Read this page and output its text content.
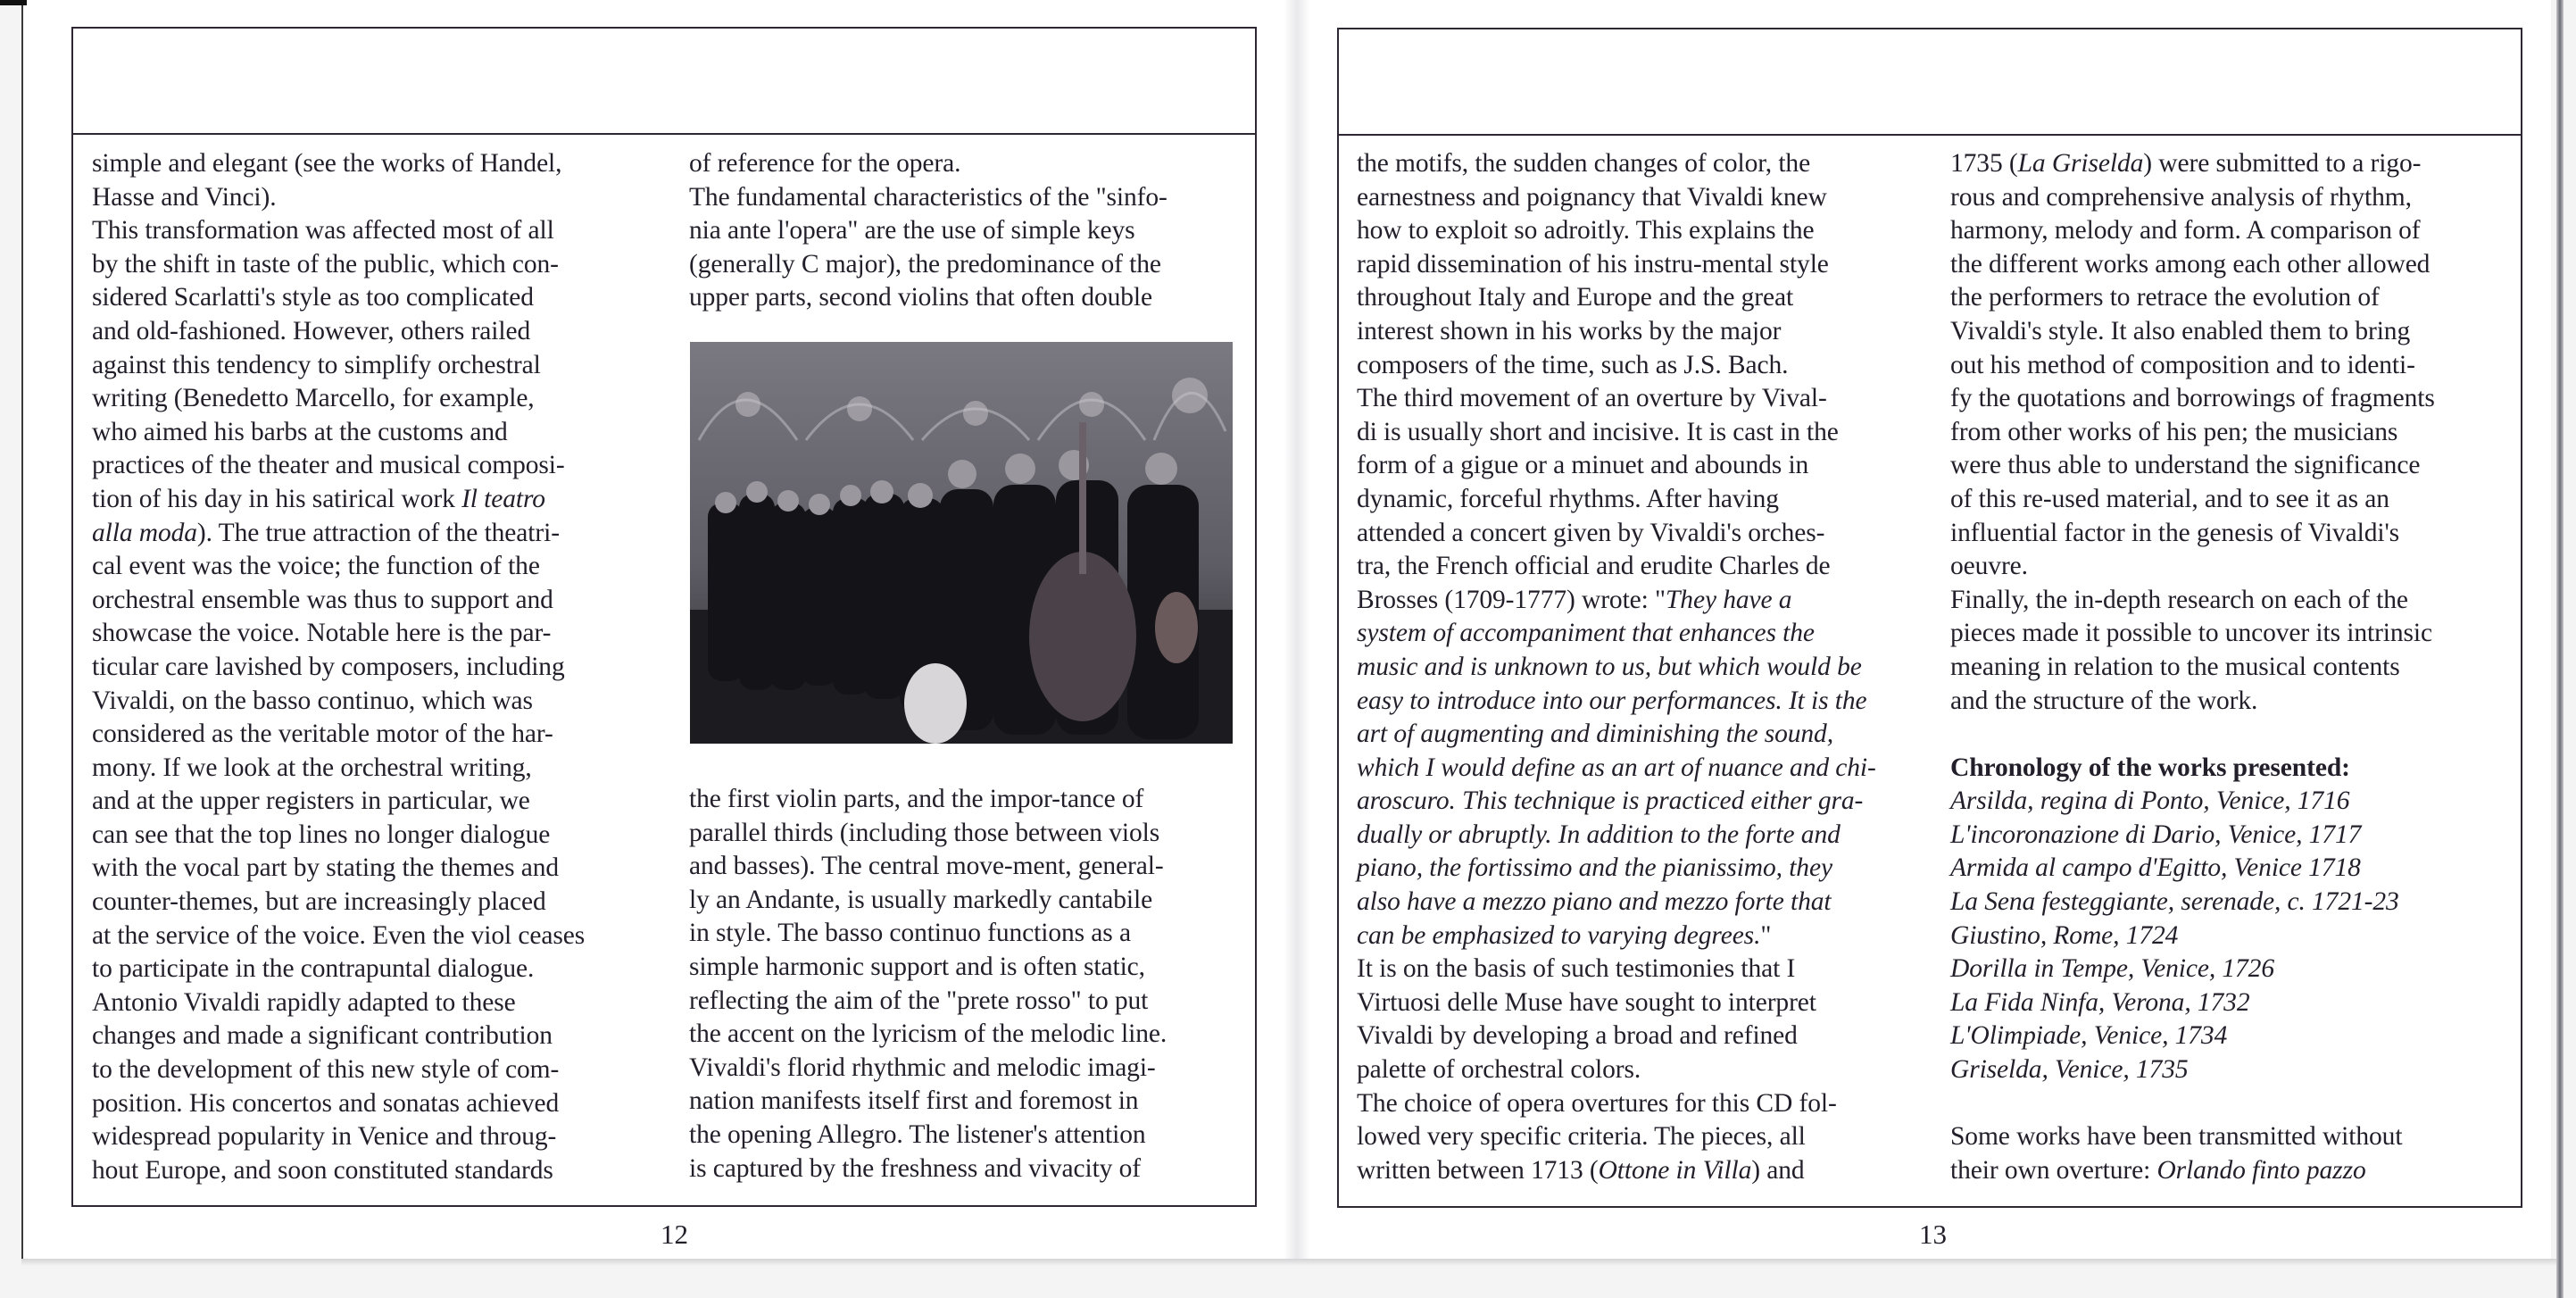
simple and elegant (see the works of Handel,
Hasse and Vinci).
This transformation was affected most of all
by the shift in taste of the public, which con-
sidered Scarlatti's style as too complicated
and old-fashioned. However, others railed
against this tendency to simplify orchestral
writing (Benedetto Marcello, for example,
who aimed his barbs at the customs and
practices of the theater and musical composi-
tion of his day in his satirical work Il teatro
alla moda). The true attraction of the theatri-
cal event was the voice; the function of the
orchestral ensemble was thus to support and
showcase the voice. Notable here is the par-
ticular care lavished by composers, including
Vivaldi, on the basso continuo, which was
considered as the veritable motor of the har-
mony. If we look at the orchestral writing,
and at the upper registers in particular, we
can see that the top lines no longer dialogue
with the vocal part by stating the themes and
counter-themes, but are increasingly placed
at the service of the voice. Even the viol ceases
to participate in the contrapuntal dialogue.
Antonio Vivaldi rapidly adapted to these
changes and made a significant contribution
to the development of this new style of com-
position. His concertos and sonatas achieved
widespread popularity in Venice and throug-
hout Europe, and soon constituted standards
of reference for the opera.
The fundamental characteristics of the "sinfo-
nia ante l'opera" are the use of simple keys
(generally C major), the predominance of the
upper parts, second violins that often double
the first violin parts, and the impor-tance of
parallel thirds (including those between viols
and basses). The central move-ment, general-
ly an Andante, is usually markedly cantabile
in style. The basso continuo functions as a
simple harmonic support and is often static,
reflecting the aim of the "prete rosso" to put
the accent on the lyricism of the melodic line.
Vivaldi's florid rhythmic and melodic imagi-
nation manifests itself first and foremost in
the opening Allegro. The listener's attention
is captured by the freshness and vivacity of
the motifs, the sudden changes of color, the
earnestness and poignancy that Vivaldi knew
how to exploit so adroitly. This explains the
rapid dissemination of his instru-mental style
throughout Italy and Europe and the great
interest shown in his works by the major
composers of the time, such as J.S. Bach.
The third movement of an overture by Vival-
di is usually short and incisive. It is cast in the
form of a gigue or a minuet and abounds in
dynamic, forceful rhythms. After having
attended a concert given by Vivaldi's orches-
tra, the French official and erudite Charles de
Brosses (1709-1777) wrote: "They have a
system of accompaniment that enhances the
music and is unknown to us, but which would be
easy to introduce into our performances. It is the
art of augmenting and diminishing the sound,
which I would define as an art of nuance and chi-
aroscuro. This technique is practiced either gra-
dually or abruptly. In addition to the forte and
piano, the fortissimo and the pianissimo, they
also have a mezzo piano and mezzo forte that
can be emphasized to varying degrees."
It is on the basis of such testimonies that I
Virtuosi delle Muse have sought to interpret
Vivaldi by developing a broad and refined
palette of orchestral colors.
The choice of opera overtures for this CD fol-
lowed very specific criteria. The pieces, all
written between 1713 (Ottone in Villa) and
1735 (La Griselda) were submitted to a rigo-
rous and comprehensive analysis of rhythm,
harmony, melody and form. A comparison of
the different works among each other allowed
the performers to retrace the evolution of
Vivaldi's style. It also enabled them to bring
out his method of composition and to identi-
fy the quotations and borrowings of fragments
from other works of his pen; the musicians
were thus able to understand the significance
of this re-used material, and to see it as an
influential factor in the genesis of Vivaldi's
oeuvre.
Finally, the in-depth research on each of the
pieces made it possible to uncover its intrinsic
meaning in relation to the musical contents
and the structure of the work.
Chronology of the works presented:
Arsilda, regina di Ponto, Venice, 1716
L'incoronazione di Dario, Venice, 1717
Armida al campo d'Egitto, Venice 1718
La Sena festeggiante, serenade, c. 1721-23
Giustino, Rome, 1724
Dorilla in Tempe, Venice, 1726
La Fida Ninfa, Verona, 1732
L'Olimpiade, Venice, 1734
Griselda, Venice, 1735
Some works have been transmitted without
their own overture: Orlando finto pazzo
12	13
